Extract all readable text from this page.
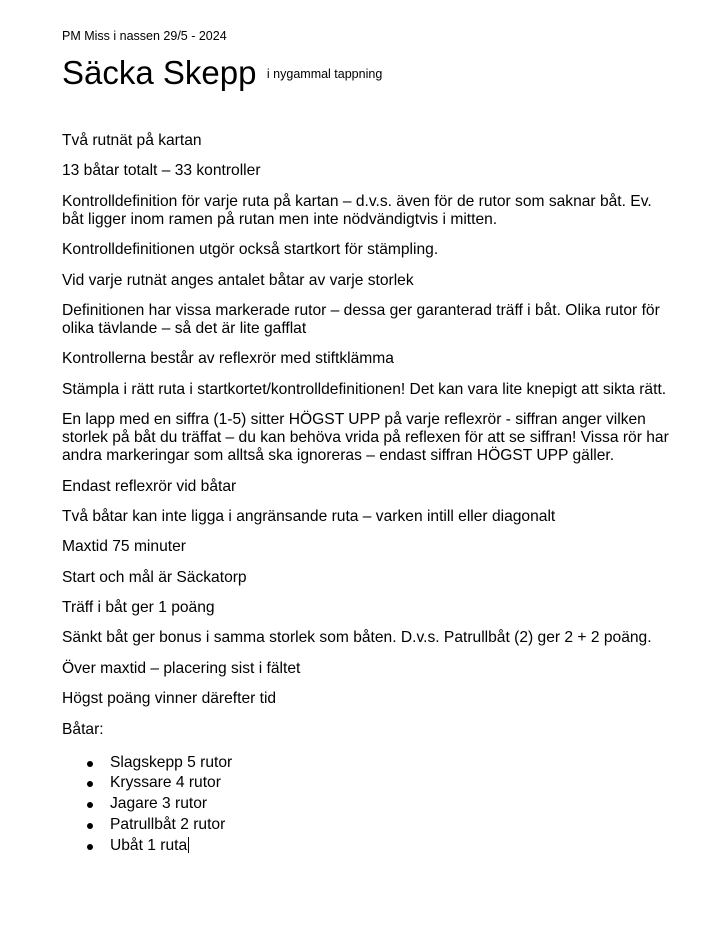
PM Miss i nassen 29/5 - 2024
Säcka Skepp $^{i nygammal tappning}$

Två rutnät på kartan

13 båtar totalt – 33 kontroller

Kontrolldefinition för varje ruta på kartan – d.v.s. även för de rutor som saknar båt. Ev. båt ligger inom ramen på rutan men inte nödvändigtvis i mitten.

Kontrolldefinitionen utgör också startkort för stämpling.

Vid varje rutnät anges antalet båtar av varje storlek

Definitionen har vissa markerade rutor – dessa ger garanterad träff i båt. Olika rutor för olika tävlande – så det är lite gafflat

Kontrollerna består av reflexrör med stiftklämma

Stämpla i rätt ruta i startkortet/kontrolldefinitionen! Det kan vara lite knepigt att sikta rätt.

En lapp med en siffra (1-5) sitter HÖGST UPP på varje reflexrör - siffran anger vilken storlek på båt du träffat – du kan behöva vrida på reflexen för att se siffran! Vissa rör har andra markeringar som alltså ska ignoreras – endast siffran HÖGST UPP gäller.

Endast reflexrör vid båtar

Två båtar kan inte ligga i angränsande ruta – varken intill eller diagonalt

Maxtid 75 minuter

Start och mål är Säckatorp

Träff i båt ger 1 poäng

Sänkt båt ger bonus i samma storlek som båten. D.v.s. Patrullbåt (2) ger 2 + 2 poäng.

Över maxtid – placering sist i fältet

Högst poäng vinner därefter tid

Båtar:

Slagskepp 5 rutor
Kryssare 4 rutor
Jagare 3 rutor
Patrullbåt 2 rutor
Ubåt 1 ruta
